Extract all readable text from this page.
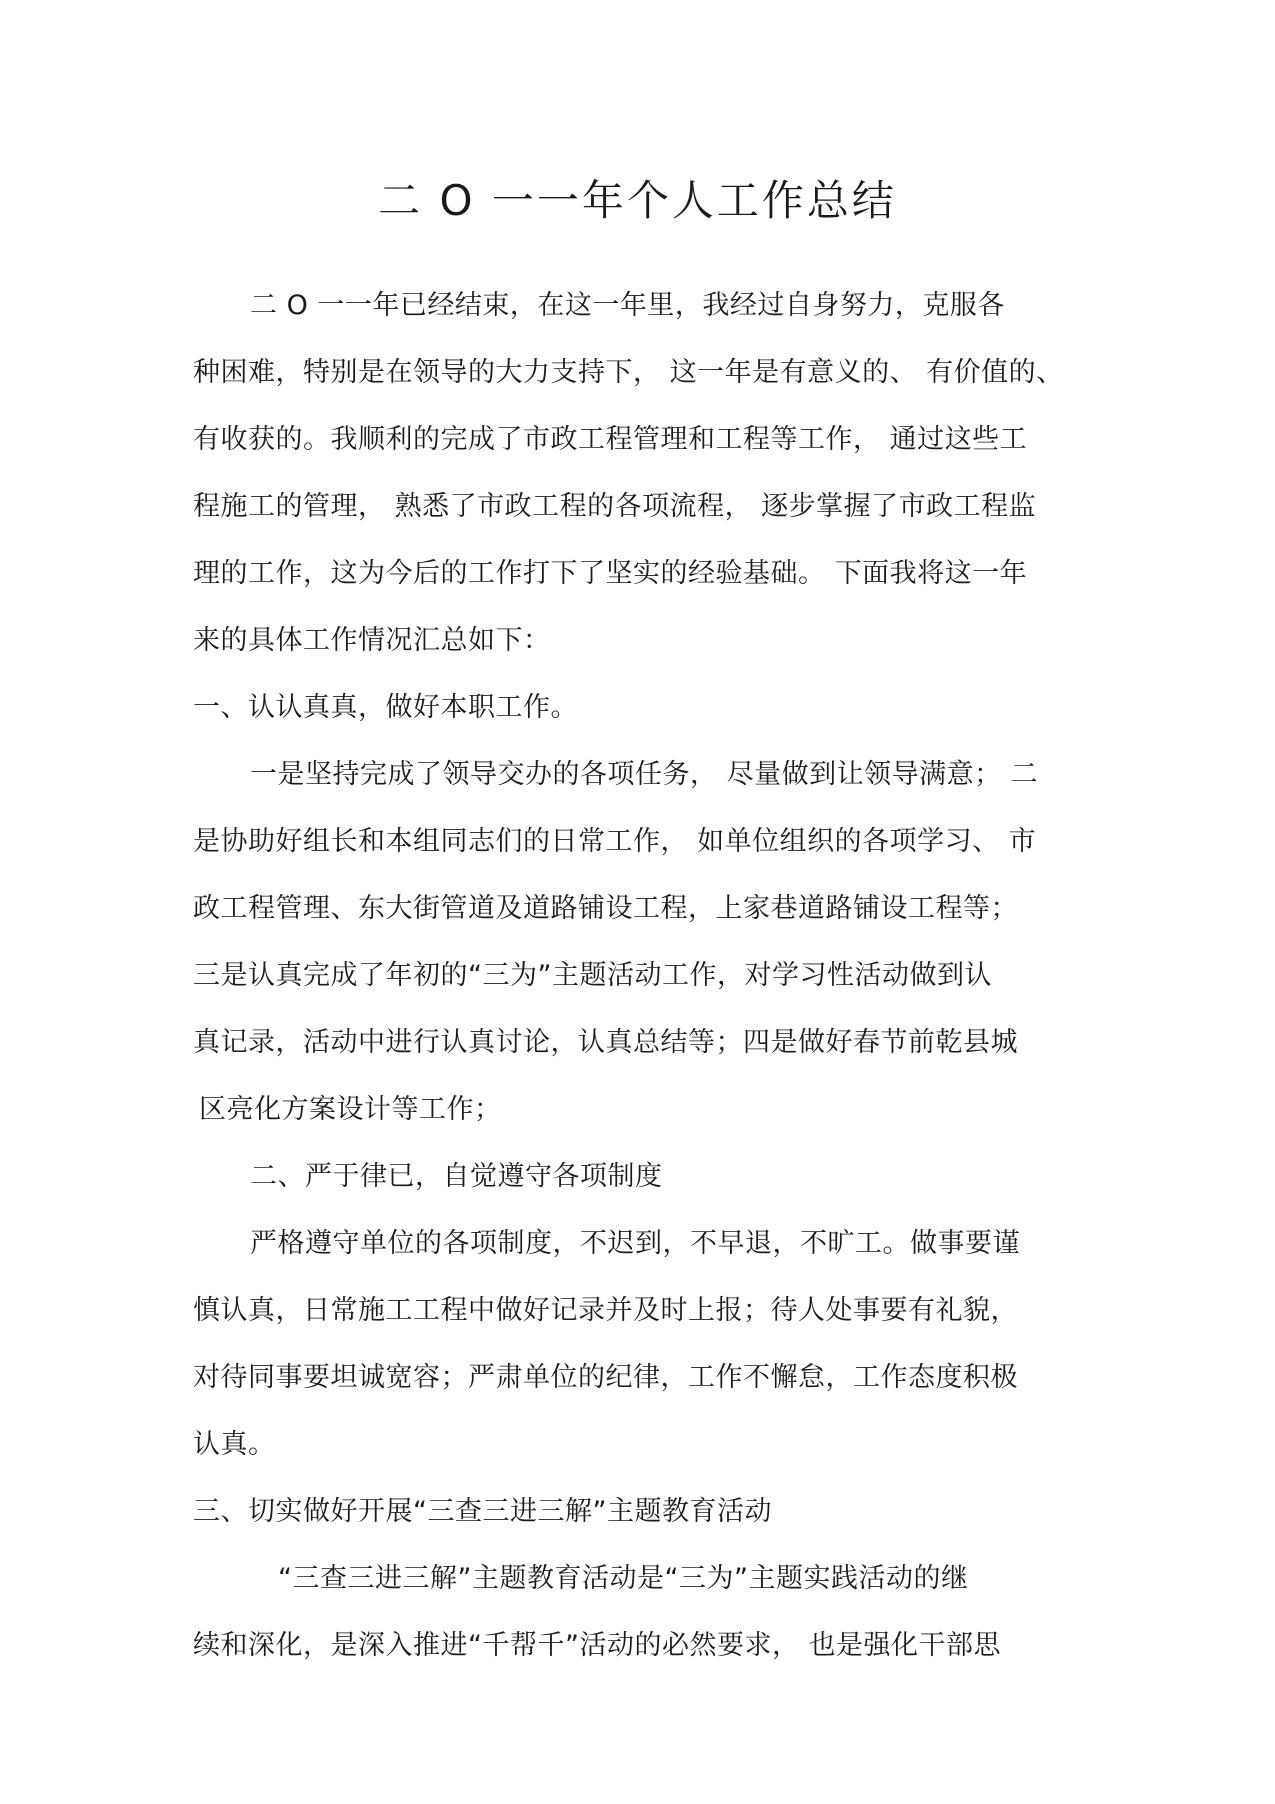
二 O 一一年个人工作总结
二 O 一一年已经结束，在这一年里，我经过自身努力，克服各
种困难，特别是在领导的大力支持下， 这一年是有意义的、 有价值的、
有收获的。我顺利的完成了市政工程管理和工程等工作， 通过这些工
程施工的管理， 熟悉了市政工程的各项流程， 逐步掌握了市政工程监
理的工作，这为今后的工作打下了坚实的经验基础。 下面我将这一年
来的具体工作情况汇总如下：
一、认认真真，做好本职工作。
一是坚持完成了领导交办的各项任务， 尽量做到让领导满意； 二
是协助好组长和本组同志们的日常工作， 如单位组织的各项学习、 市
政工程管理、东大街管道及道路铺设工程，上家巷道路铺设工程等；
三是认真完成了年初的“三为”主题活动工作，对学习性活动做到认
真记录，活动中进行认真讨论，认真总结等；四是做好春节前乾县城
区亮化方案设计等工作；
二、严于律已，自觉遵守各项制度
严格遵守单位的各项制度，不迟到，不早退，不旷工。做事要谨
慎认真，日常施工工程中做好记录并及时上报；待人处事要有礼貌，
对待同事要坦诚宽容；严肃单位的纪律，工作不懈怠，工作态度积极
认真。
三、切实做好开展“三查三进三解”主题教育活动
“三查三进三解”主题教育活动是“三为”主题实践活动的继
续和深化，是深入推进“千帮千”活动的必然要求， 也是强化干部思
